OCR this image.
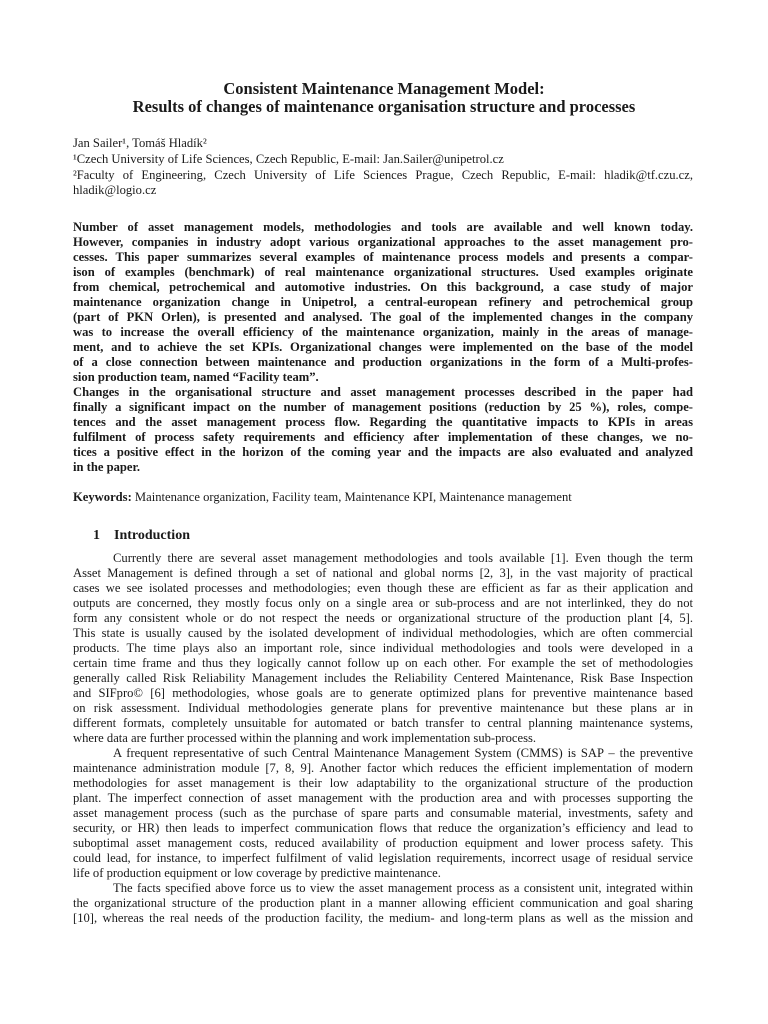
Consistent Maintenance Management Model:
Results of changes of maintenance organisation structure and processes
Jan Sailer¹, Tomáš Hladík²
¹Czech University of Life Sciences, Czech Republic, E-mail: Jan.Sailer@unipetrol.cz
²Faculty of Engineering, Czech University of Life Sciences Prague, Czech Republic, E-mail: hladik@tf.czu.cz,
hladik@logio.cz
Number of asset management models, methodologies and tools are available and well known today.
However, companies in industry adopt various organizational approaches to the asset management pro-
cesses. This paper summarizes several examples of maintenance process models and presents a compar-
ison of examples (benchmark) of real maintenance organizational structures. Used examples originate
from chemical, petrochemical and automotive industries. On this background, a case study of major
maintenance organization change in Unipetrol, a central-european refinery and petrochemical group
(part of PKN Orlen), is presented and analysed. The goal of the implemented changes in the company
was to increase the overall efficiency of the maintenance organization, mainly in the areas of manage-
ment, and to achieve the set KPIs. Organizational changes were implemented on the base of the model
of a close connection between maintenance and production organizations in the form of a Multi-profes-
sion production team, named “Facility team”.
Changes in the organisational structure and asset management processes described in the paper had
finally a significant impact on the number of management positions (reduction by 25 %), roles, compe-
tences and the asset management process flow. Regarding the quantitative impacts to KPIs in areas
fulfilment of process safety requirements and efficiency after implementation of these changes, we no-
tices a positive effect in the horizon of the coming year and the impacts are also evaluated and analyzed
in the paper.
Keywords: Maintenance organization, Facility team, Maintenance KPI, Maintenance management
1 Introduction
Currently there are several asset management methodologies and tools available [1]. Even though the term
Asset Management is defined through a set of national and global norms [2, 3], in the vast majority of practical
cases we see isolated processes and methodologies; even though these are efficient as far as their application and
outputs are concerned, they mostly focus only on a single area or sub-process and are not interlinked, they do not
form any consistent whole or do not respect the needs or organizational structure of the production plant [4, 5].
This state is usually caused by the isolated development of individual methodologies, which are often commercial
products. The time plays also an important role, since individual methodologies and tools were developed in a
certain time frame and thus they logically cannot follow up on each other. For example the set of methodologies
generally called Risk Reliability Management includes the Reliability Centered Maintenance, Risk Base Inspection
and SIFpro© [6] methodologies, whose goals are to generate optimized plans for preventive maintenance based
on risk assessment. Individual methodologies generate plans for preventive maintenance but these plans ar in
different formats, completely unsuitable for automated or batch transfer to central planning maintenance systems,
where data are further processed within the planning and work implementation sub-process.
A frequent representative of such Central Maintenance Management System (CMMS) is SAP – the preventive
maintenance administration module [7, 8, 9]. Another factor which reduces the efficient implementation of modern
methodologies for asset management is their low adaptability to the organizational structure of the production
plant. The imperfect connection of asset management with the production area and with processes supporting the
asset management process (such as the purchase of spare parts and consumable material, investments, safety and
security, or HR) then leads to imperfect communication flows that reduce the organization’s efficiency and lead to
suboptimal asset management costs, reduced availability of production equipment and lower process safety. This
could lead, for instance, to imperfect fulfilment of valid legislation requirements, incorrect usage of residual service
life of production equipment or low coverage by predictive maintenance.
The facts specified above force us to view the asset management process as a consistent unit, integrated within
the organizational structure of the production plant in a manner allowing efficient communication and goal sharing
[10], whereas the real needs of the production facility, the medium- and long-term plans as well as the mission and
